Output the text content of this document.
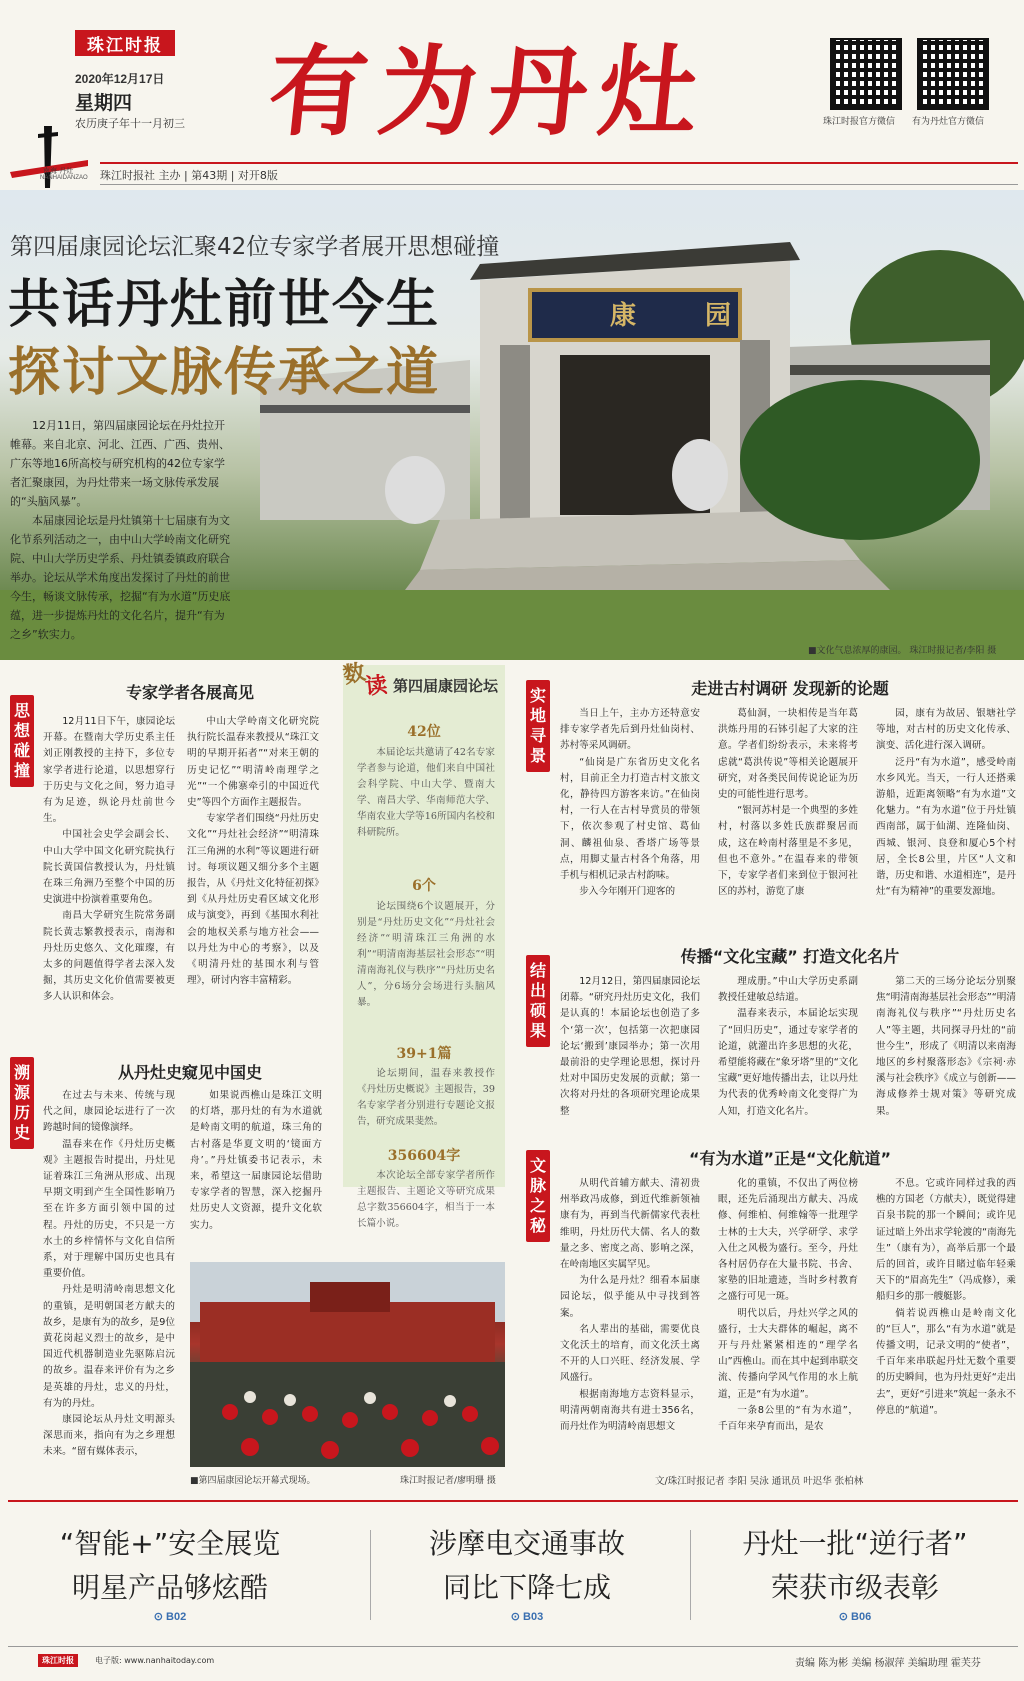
珠江时报
2020年12月17日
星期四
农历庚子年十一月初三 有为丹灶	珠江时报官方微信 有为丹灶官方微信
南海·丹灶
NANHAIDANZAO 珠江时报社 主办 | 第43期 | 对开8版
康 园
第四届康园论坛汇聚42位专家学者展开思想碰撞
共话丹灶前世今生
探讨文脉传承之道

12月11日，第四届康园论坛在丹灶拉开帷幕。来自北京、河北、江西、广西、贵州、广东等地16所高校与研究机构的42位专家学者汇聚康园，为丹灶带来一场文脉传承发展的“头脑风暴”。

本届康园论坛是丹灶镇第十七届康有为文化节系列活动之一，由中山大学岭南文化研究院、中山大学历史学系、丹灶镇委镇政府联合举办。论坛从学术角度出发探讨了丹灶的前世今生，畅谈文脉传承，挖掘“有为水道”历史底蕴，进一步提炼丹灶的文化名片，提升“有为之乡”软实力。

■文化气息浓厚的康园。 珠江时报记者/李阳 摄
思想碰撞
专家学者各展高见

12月11日下午，康园论坛开幕。在暨南大学历史系主任刘正刚教授的主持下，多位专家学者进行论道，以思想穿行于历史与文化之间，努力追寻有为足迹，纵论丹灶前世今生。

中国社会史学会副会长、中山大学中国文化研究院执行院长黄国信教授认为，丹灶镇在珠三角洲乃至整个中国的历史演进中扮演着重要角色。

南昌大学研究生院常务副院长黄志繁教授表示，南海和丹灶历史悠久、文化璀璨，有太多的问题值得学者去深入发掘，其历史文化价值需要被更多人认识和体会。

中山大学岭南文化研究院执行院长温春来教授从“珠江文明的早期开拓者”“对来王朝的历史记忆”“明清岭南理学之光”“一个佛寨牵引的中国近代史”等四个方面作主题报告。

专家学者们围绕“丹灶历史文化”“丹灶社会经济”“明清珠江三角洲的水利”等议题进行研讨。每项议题又细分多个主题报告，从《丹灶文化特征初探》到《从丹灶历史看区域文化形成与演变》，再到《基围水利社会的地权关系与地方社会——以丹灶为中心的考察》，以及《明清丹灶的基围水利与管理》，研讨内容丰富精彩。

溯源历史
从丹灶史窥见中国史

在过去与未来、传统与现代之间，康园论坛进行了一次跨越时间的镜像演绎。

温春来在作《丹灶历史概观》主题报告时提出，丹灶见证着珠江三角洲从形成、出现早期文明到产生全国性影响乃至在许多方面引领中国的过程。丹灶的历史，不只是一方水土的乡梓情怀与文化自信所系，对于理解中国历史也具有重要价值。

丹灶是明清岭南思想文化的重镇，是明朝国老方献夫的故乡，是康有为的故乡，是9位黄花岗起义烈士的故乡，是中国近代机器制造业先驱陈启沅的故乡。温春来评价有为之乡是英雄的丹灶，忠义的丹灶，有为的丹灶。

康园论坛从丹灶文明源头深思而来，指向有为之乡理想未来。“留有媒体表示，

如果说西樵山是珠江文明的灯塔，那丹灶的有为水道就是岭南文明的航道，珠三角的古村落是华夏文明的‘镜面方舟’。”丹灶镇委书记表示，未来，希望这一届康园论坛借助专家学者的智慧，深入挖掘丹灶历史人文资源，提升文化软实力。

■第四届康园论坛开幕式现场。	珠江时报记者/廖明珊 摄
数
读 第四届康园论坛
42位

本届论坛共邀请了42名专家学者参与论道，他们来自中国社会科学院、中山大学、暨南大学、南昌大学、华南师范大学、华南农业大学等16所国内名校和科研院所。

6个

论坛围绕6个议题展开，分别是“丹灶历史文化”“丹灶社会经济”“明清珠江三角洲的水利”“明清南海基层社会形态”“明清南海礼仪与秩序”“丹灶历史名人”，分6场分会场进行头脑风暴。

39+1篇

论坛期间，温春来教授作《丹灶历史概说》主题报告，39名专家学者分别进行专题论文报告，研究成果斐然。

356604字

本次论坛全部专家学者所作主题报告、主题论文等研究成果总字数356604字，相当于一本长篇小说。

实地寻景
走进古村调研 发现新的论题

当日上午，主办方还特意安排专家学者先后到丹灶仙岗村、苏村等采风调研。

“仙岗是广东省历史文化名村，目前正全力打造古村文旅文化，静待四方游客来访。”在仙岗村，一行人在古村导赏员的带领下，依次参观了村史馆、葛仙洞、麟祖仙泉、香塔广场等景点，用脚丈量古村各个角落，用手机与相机记录古村韵味。

步入今年刚开门迎客的

葛仙洞，一块相传是当年葛洪炼丹用的石钵引起了大家的注意。学者们纷纷表示，未来将考虑就“葛洪传说”等相关论题展开研究，对各类民间传说论证为历史的可能性进行思考。

“银河苏村是一个典型的多姓村，村落以多姓氏族群聚居而成，这在岭南村落里是不多见，但也不意外。”在温春来的带领下，专家学者们来到位于银河社区的苏村，游览了康

园，康有为故居、银塘社学等地，对古村的历史文化传承、演变、活化进行深入调研。

泛丹“有为水道”，感受岭南水乡风光。当天，一行人还搭乘游船，近距离领略“有为水道”文化魅力。“有为水道”位于丹灶镇西南部，属于仙湖、连隆仙岗、西城、银河、良登和厦心5个村居，全长8公里，片区“人文和谐，历史和谐、水道相连”，是丹灶“有为精神”的重要发源地。

结出硕果
传播“文化宝藏” 打造文化名片

12月12日，第四届康园论坛闭幕。“研究丹灶历史文化，我们是认真的！本届论坛也创造了多个‘第一次’，包括第一次把康园论坛‘搬到’康园举办；第一次用最前沿的史学理论思想，探讨丹灶对中国历史发展的贡献；第一次将对丹灶的各项研究理论成果整

理成册。”中山大学历史系副教授任建敏总结道。

温春来表示，本届论坛实现了“回归历史”，通过专家学者的论道，就灌出许多思想的火花，希望能将藏在“象牙塔”里的“文化宝藏”更好地传播出去，让以丹灶为代表的优秀岭南文化变得广为人知，打造文化名片。

第二天的三场分论坛分别聚焦“明清南海基层社会形态”“明清南海礼仪与秩序”“丹灶历史名人”等主题，共同探寻丹灶的“前世今生”，形成了《明清以来南海地区的乡村聚落形态》《宗祠·赤溪与社会秩序》《成立与创新——海成修养士规对策》等研究成果。

文脉之秘
“有为水道”正是“文化航道”

从明代首辅方献夫、清初贵州举政冯成修，到近代维新领袖康有为，再到当代新儒家代表杜维明，丹灶历代大儒、名人的数量之多、密度之高、影响之深，在岭南地区实属罕见。

为什么是丹灶？细看本届康园论坛，似乎能从中寻找到答案。

名人辈出的基础，需要优良文化沃土的培育，而文化沃土离不开的人口兴旺、经济发展、学风盛行。

根据南海地方志资料显示，明清两朝南海共有进士356名，而丹灶作为明清岭南思想文

化的重镇，不仅出了两位榜眼，还先后涌现出方献夫、冯成修、何维柏、何维翰等一批理学士林的士大夫，兴学研学、求学入仕之风极为盛行。至今，丹灶各村居仍存在大量书院、书舍、家塾的旧址遗迹，当时乡村教育之盛行可见一斑。

明代以后，丹灶兴学之风的盛行，士大夫群体的崛起，离不开与丹灶紧紧相连的“理学名山”西樵山。而在其中起到串联交流、传播向学风气作用的水上航道，正是“有为水道”。

一条8公里的“有为水道”，千百年来孕育而出，是农

不息。它或许同样过我的西樵的方国老（方献夫），既觉得建百泉书院的那一个瞬间；或许见证过暗上外出求学轮渡的“南海先生”（康有为），高举后那一个最后的回首，或许目睹过临年轻乘天下的“眉高先生”（冯成修），乘船归乡的那一艘艇影。

倘若说西樵山是岭南文化的“巨人”，那么“有为水道”就是传播文明，记录文明的“使者”，千百年来串联起丹灶无数个重要的历史瞬间，也为丹灶更好“走出去”，更好“引进来”筑起一条永不停息的“航道”。

文/珠江时报记者 李阳 吴泳 通讯员 叶迟华 张柏林
“智能+”安全展览
明星产品够炫酷
⊙ B02
涉摩电交通事故
同比下降七成
⊙ B03
丹灶一批“逆行者”
荣获市级表彰
⊙ B06
珠江时报	电子版: www.nanhaitoday.com	责编 陈为彬 美编 杨淑萍 美编助理 霍芙芬
